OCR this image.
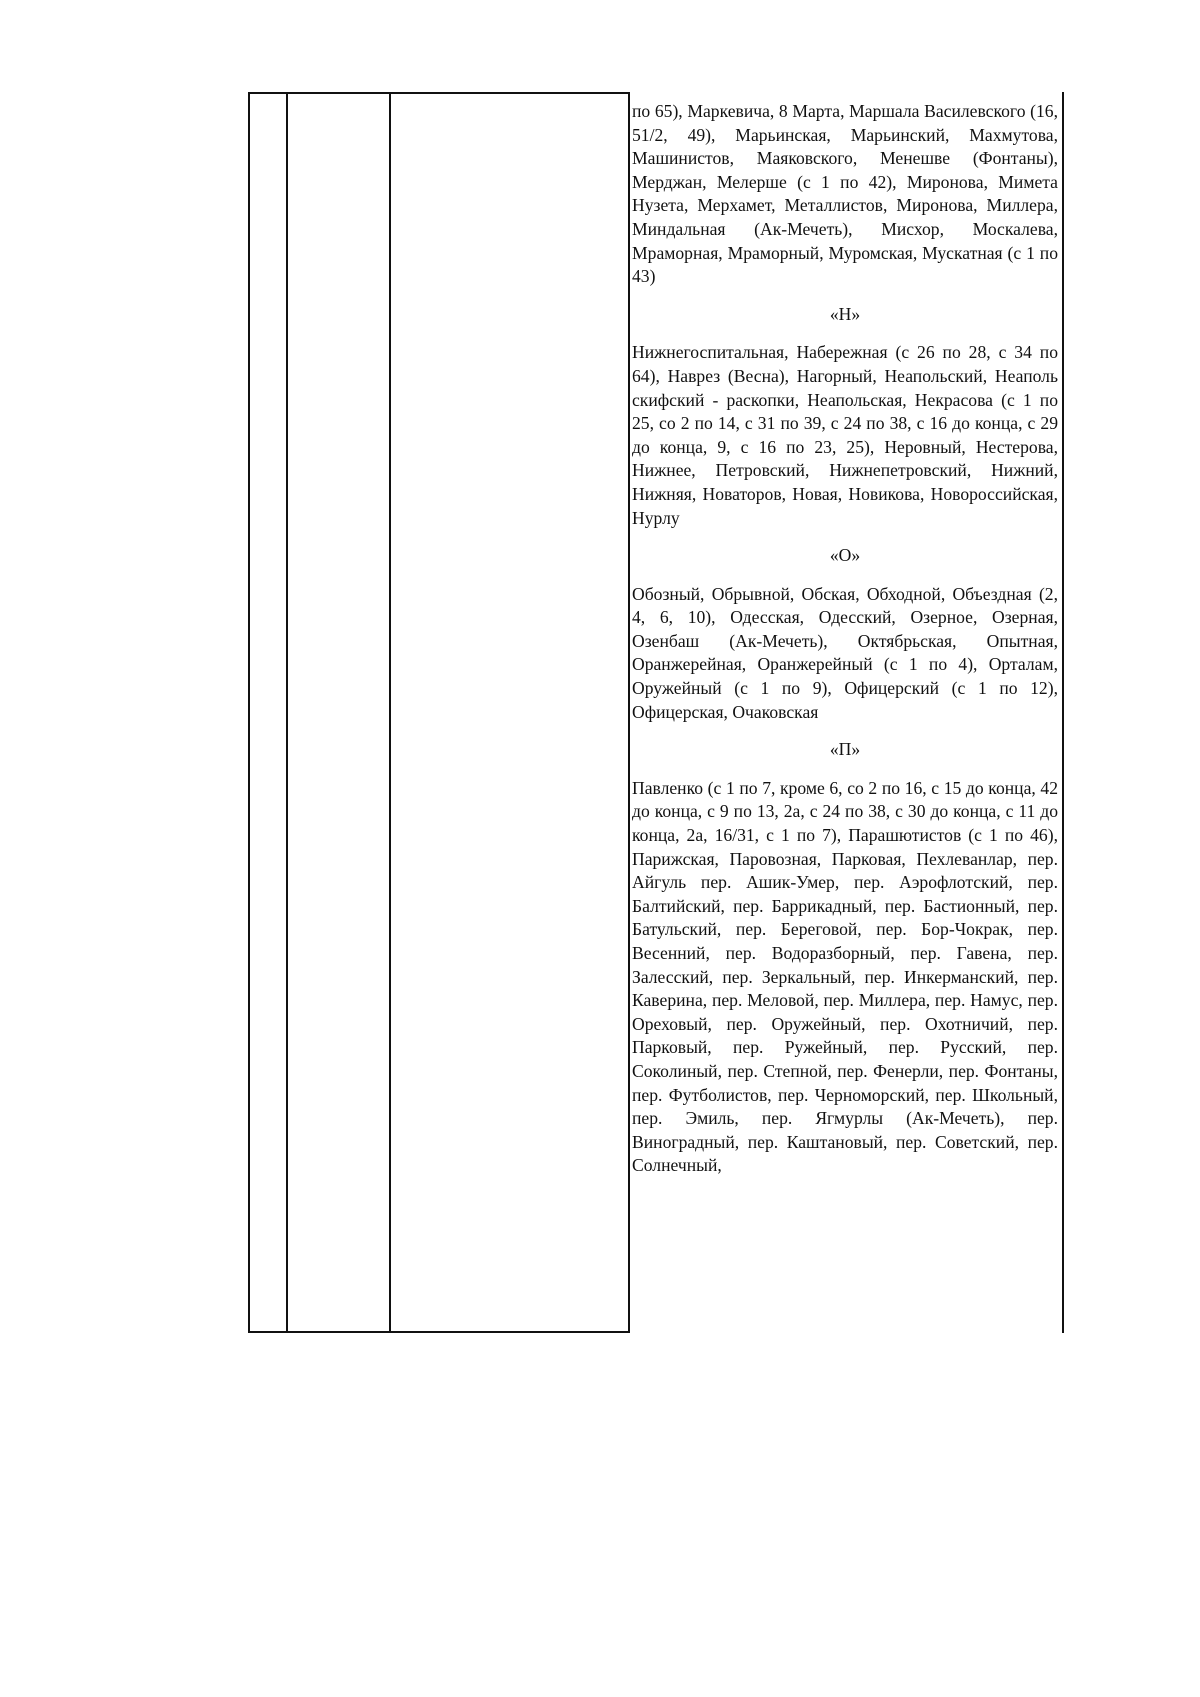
по 65), Маркевича, 8 Марта, Маршала Василевского (16, 51/2, 49), Марьинская, Марьинский, Махмутова, Машинистов, Маяковского, Менешве (Фонтаны), Мерджан, Мелерше (с 1 по 42), Миронова, Мимета Нузета, Мерхамет, Металлистов, Миронова, Миллера, Миндальная (Ак-Мечеть), Мисхор, Москалева, Мраморная, Мраморный, Муромская, Мускатная (с 1 по 43)

«Н»

Нижнегоспитальная, Набережная (с 26 по 28, с 34 по 64), Наврез (Весна), Нагорный, Неапольский, Неаполь скифский - раскопки, Неапольская, Некрасова (с 1 по 25, со 2 по 14, с 31 по 39, с 24 по 38, с 16 до конца, с 29 до конца, 9, с 16 по 23, 25), Неровный, Нестерова, Нижнее, Петровский, Нижнепетровский, Нижний, Нижняя, Новаторов, Новая, Новикова, Новороссийская, Нурлу

«О»

Обозный, Обрывной, Обская, Обходной, Объездная (2, 4, 6, 10), Одесская, Одесский, Озерное, Озерная, Озенбаш (Ак-Мечеть), Октябрьская, Опытная, Оранжерейная, Оранжерейный (с 1 по 4), Орталам, Оружейный (с 1 по 9), Офицерский (с 1 по 12), Офицерская, Очаковская

«П»

Павленко (с 1 по 7, кроме 6, со 2 по 16, с 15 до конца, 42 до конца, с 9 по 13, 2а, с 24 по 38, с 30 до конца, с 11 до конца, 2а, 16/31, с 1 по 7), Парашютистов (с 1 по 46), Парижская, Паровозная, Парковая, Пехлеванлар, пер. Айгуль пер. Ашик-Умер, пер. Аэрофлотский, пер. Балтийский, пер. Баррикадный, пер. Бастионный, пер. Батульский, пер. Береговой, пер. Бор-Чокрак, пер. Весенний, пер. Водоразборный, пер. Гавена, пер. Залесский, пер. Зеркальный, пер. Инкерманский, пер. Каверина, пер. Меловой, пер. Миллера, пер. Намус, пер. Ореховый, пер. Оружейный, пер. Охотничий, пер. Парковый, пер. Ружейный, пер. Русский, пер. Соколиный, пер. Степной, пер. Фенерли, пер. Фонтаны, пер. Футболистов, пер. Черноморский, пер. Школьный, пер. Эмиль, пер. Ягмурлы (Ак-Мечеть), пер. Виноградный, пер. Каштановый, пер. Советский, пер. Солнечный,
